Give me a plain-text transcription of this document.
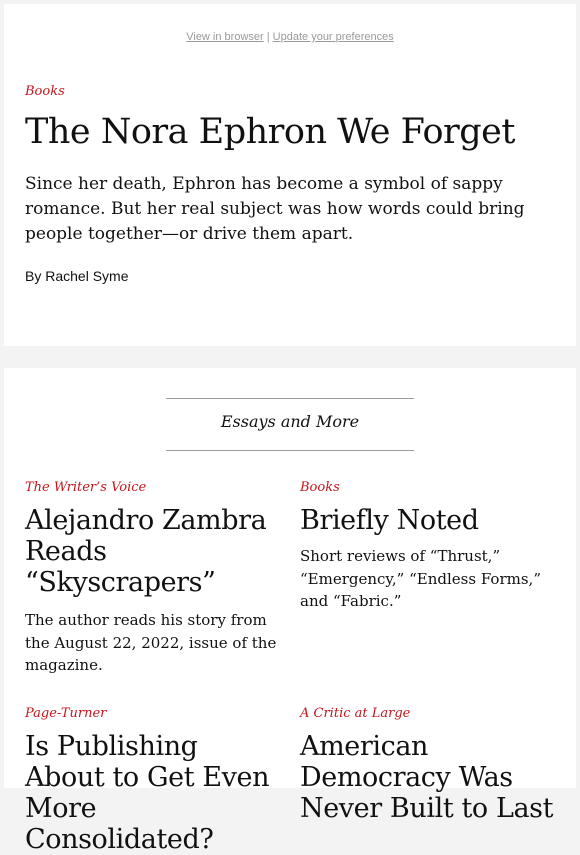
View in browser | Update your preferences
Books
The Nora Ephron We Forget

Since her death, Ephron has become a symbol of sappy romance. But her real subject was how words could bring people together—or drive them apart.

By Rachel Syme
Essays and More
The Writer’s Voice
Alejandro Zambra Reads “Skyscrapers”

The author reads his story from the August 22, 2022, issue of the magazine.

Books
Briefly Noted

Short reviews of “Thrust,” “Emergency,” “Endless Forms,” and “Fabric.”

Page-Turner
Is Publishing About to Get Even More Consolidated?
A Critic at Large
American Democracy Was Never Built to Last
